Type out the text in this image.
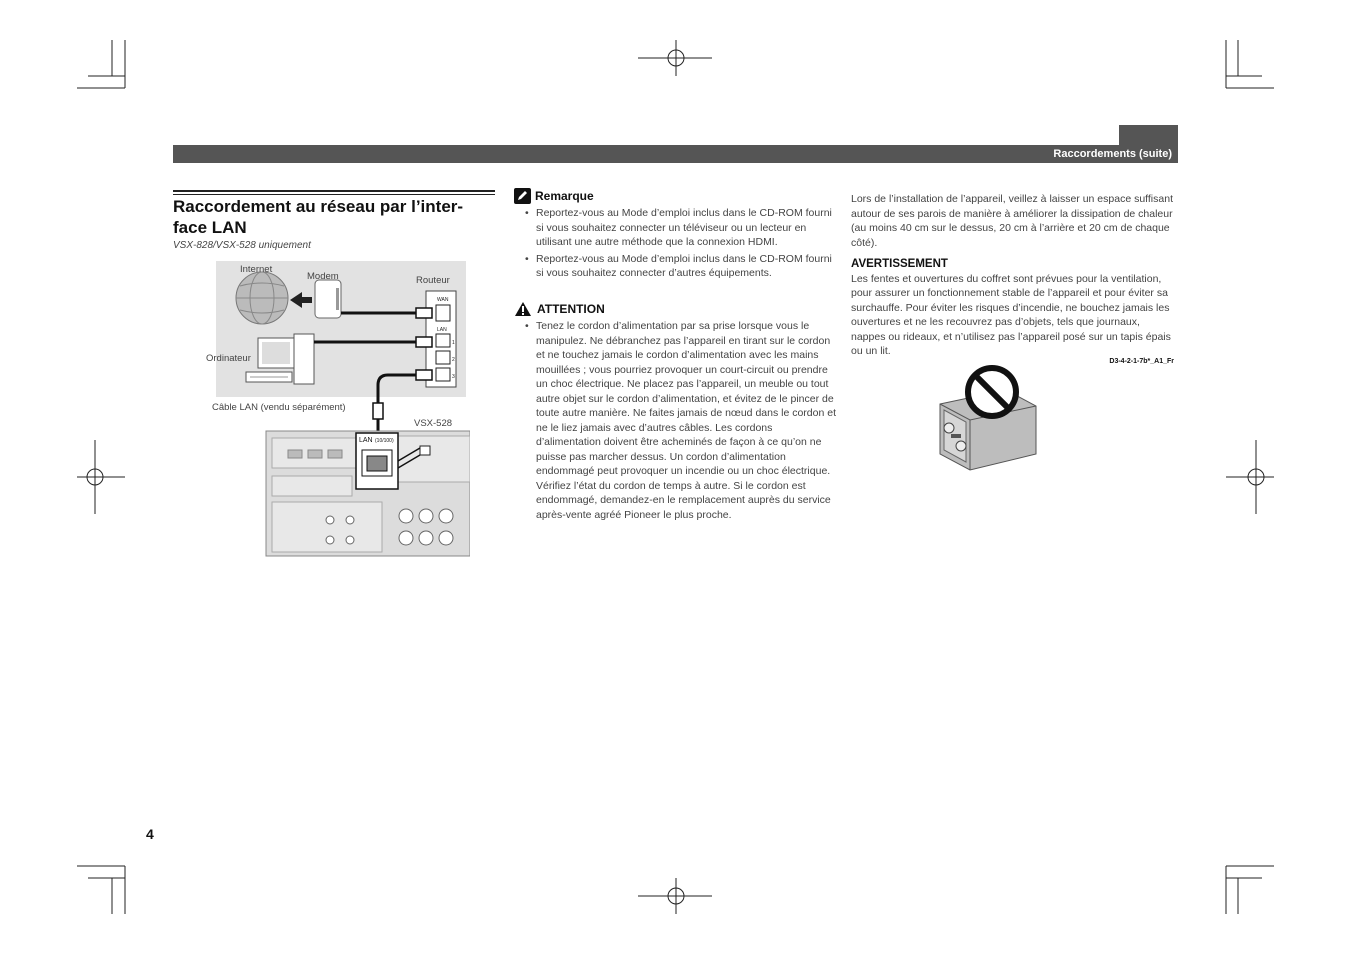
Raccordements (suite)
Raccordement au réseau par l’inter-
face LAN
VSX-828/VSX-528 uniquement
WAN
LAN
1
2
3
LAN (10/100)
Internet
Modem	Routeur
Ordinateur
Câble LAN (vendu séparément)
VSX-528
Remarque
• Reportez-vous au Mode d’emploi inclus dans le CD-ROM fourni si vous souhaitez connecter un téléviseur ou un lecteur en utilisant une autre méthode que la connexion HDMI.
• Reportez-vous au Mode d’emploi inclus dans le CD-ROM fourni si vous souhaitez connecter d’autres équipements.
ATTENTION
• Tenez le cordon d’alimentation par sa prise lorsque vous le manipulez. Ne débranchez pas l’appareil en tirant sur le cordon et ne touchez jamais le cordon d’alimentation avec les mains mouillées ; vous pourriez provoquer un court-circuit ou prendre un choc électrique. Ne placez pas l’appareil, un meuble ou tout autre objet sur le cordon d’alimentation, et évitez de le pincer de toute autre manière. Ne faites jamais de nœud dans le cordon et ne le liez jamais avec d’autres câbles. Les cordons d’alimentation doivent être acheminés de façon à ce qu’on ne puisse pas marcher dessus. Un cordon d’alimentation endommagé peut provoquer un incendie ou un choc électrique. Vérifiez l’état du cordon de temps à autre. Si le cordon est endommagé, demandez-en le remplacement auprès du service après-vente agréé Pioneer le plus proche.
Lors de l’installation de l’appareil, veillez à laisser un espace suffisant autour de ses parois de manière à améliorer la dissipation de chaleur (au moins 40 cm sur le dessus, 20 cm à l’arrière et 20 cm de chaque côté).
AVERTISSEMENT
Les fentes et ouvertures du coffret sont prévues pour la ventilation, pour assurer un fonctionnement stable de l’appareil et pour éviter sa surchauffe. Pour éviter les risques d’incendie, ne bouchez jamais les ouvertures et ne les recouvrez pas d’objets, tels que journaux, nappes ou rideaux, et n’utilisez pas l’appareil posé sur un tapis épais ou un lit.
D3-4-2-1-7b*_A1_Fr
4
